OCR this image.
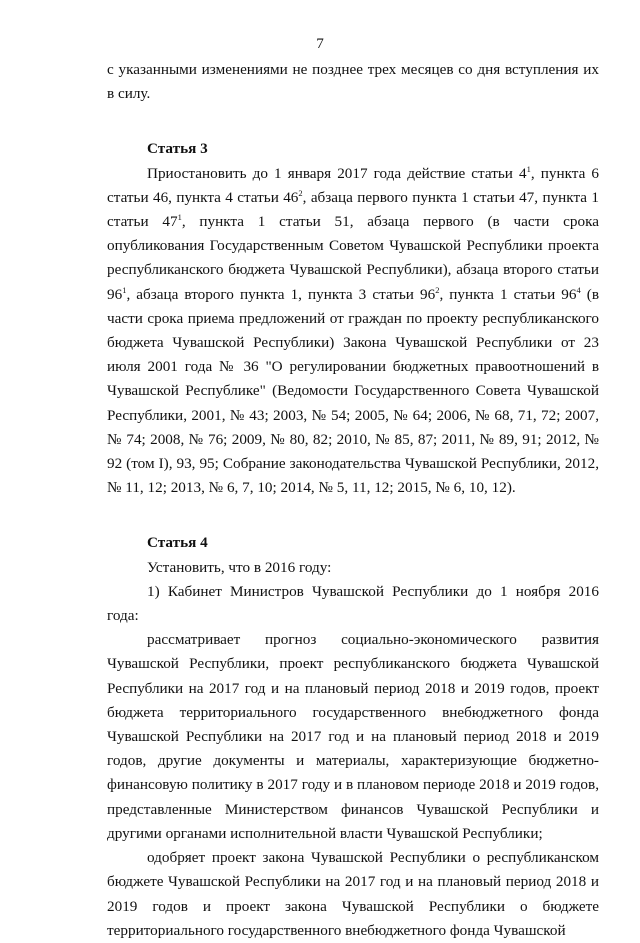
7

с указанными изменениями не позднее трех месяцев со дня вступления их в силу.

Статья 3

Приостановить до 1 января 2017 года действие статьи $4^1$, пункта 6 статьи 46, пункта 4 статьи $46^2$, абзаца первого пункта 1 статьи 47, пункта 1 статьи $47^1$, пункта 1 статьи 51, абзаца первого (в части срока опубликования Государственным Советом Чувашской Республики проекта республиканского бюджета Чувашской Республики), абзаца второго статьи $96^1$, абзаца второго пункта 1, пункта 3 статьи $96^2$, пункта 1 статьи $96^4$ (в части срока приема предложений от граждан по проекту республиканского бюджета Чувашской Республики) Закона Чувашской Республики от 23 июля 2001 года № 36 "О регулировании бюджетных правоотношений в Чувашской Республике" (Ведомости Государственного Совета Чувашской Республики, 2001, № 43; 2003, № 54; 2005, № 64; 2006, № 68, 71, 72; 2007, № 74; 2008, № 76; 2009, № 80, 82; 2010, № 85, 87; 2011, № 89, 91; 2012, № 92 (том I), 93, 95; Собрание законодательства Чувашской Республики, 2012, № 11, 12; 2013, № 6, 7, 10; 2014, № 5, 11, 12; 2015, № 6, 10, 12).

Статья 4

Установить, что в 2016 году:

1) Кабинет Министров Чувашской Республики до 1 ноября 2016 года:

рассматривает прогноз социально-экономического развития Чувашской Республики, проект республиканского бюджета Чувашской Республики на 2017 год и на плановый период 2018 и 2019 годов, проект бюджета территориального государственного внебюджетного фонда Чувашской Республики на 2017 год и на плановый период 2018 и 2019 годов, другие документы и материалы, характеризующие бюджетно-финансовую политику в 2017 году и в плановом периоде 2018 и 2019 годов, представленные Министерством финансов Чувашской Республики и другими органами исполнительной власти Чувашской Республики;

одобряет проект закона Чувашской Республики о республиканском бюджете Чувашской Республики на 2017 год и на плановый период 2018 и 2019 годов и проект закона Чувашской Республики о бюджете территориального государственного внебюджетного фонда Чувашской
